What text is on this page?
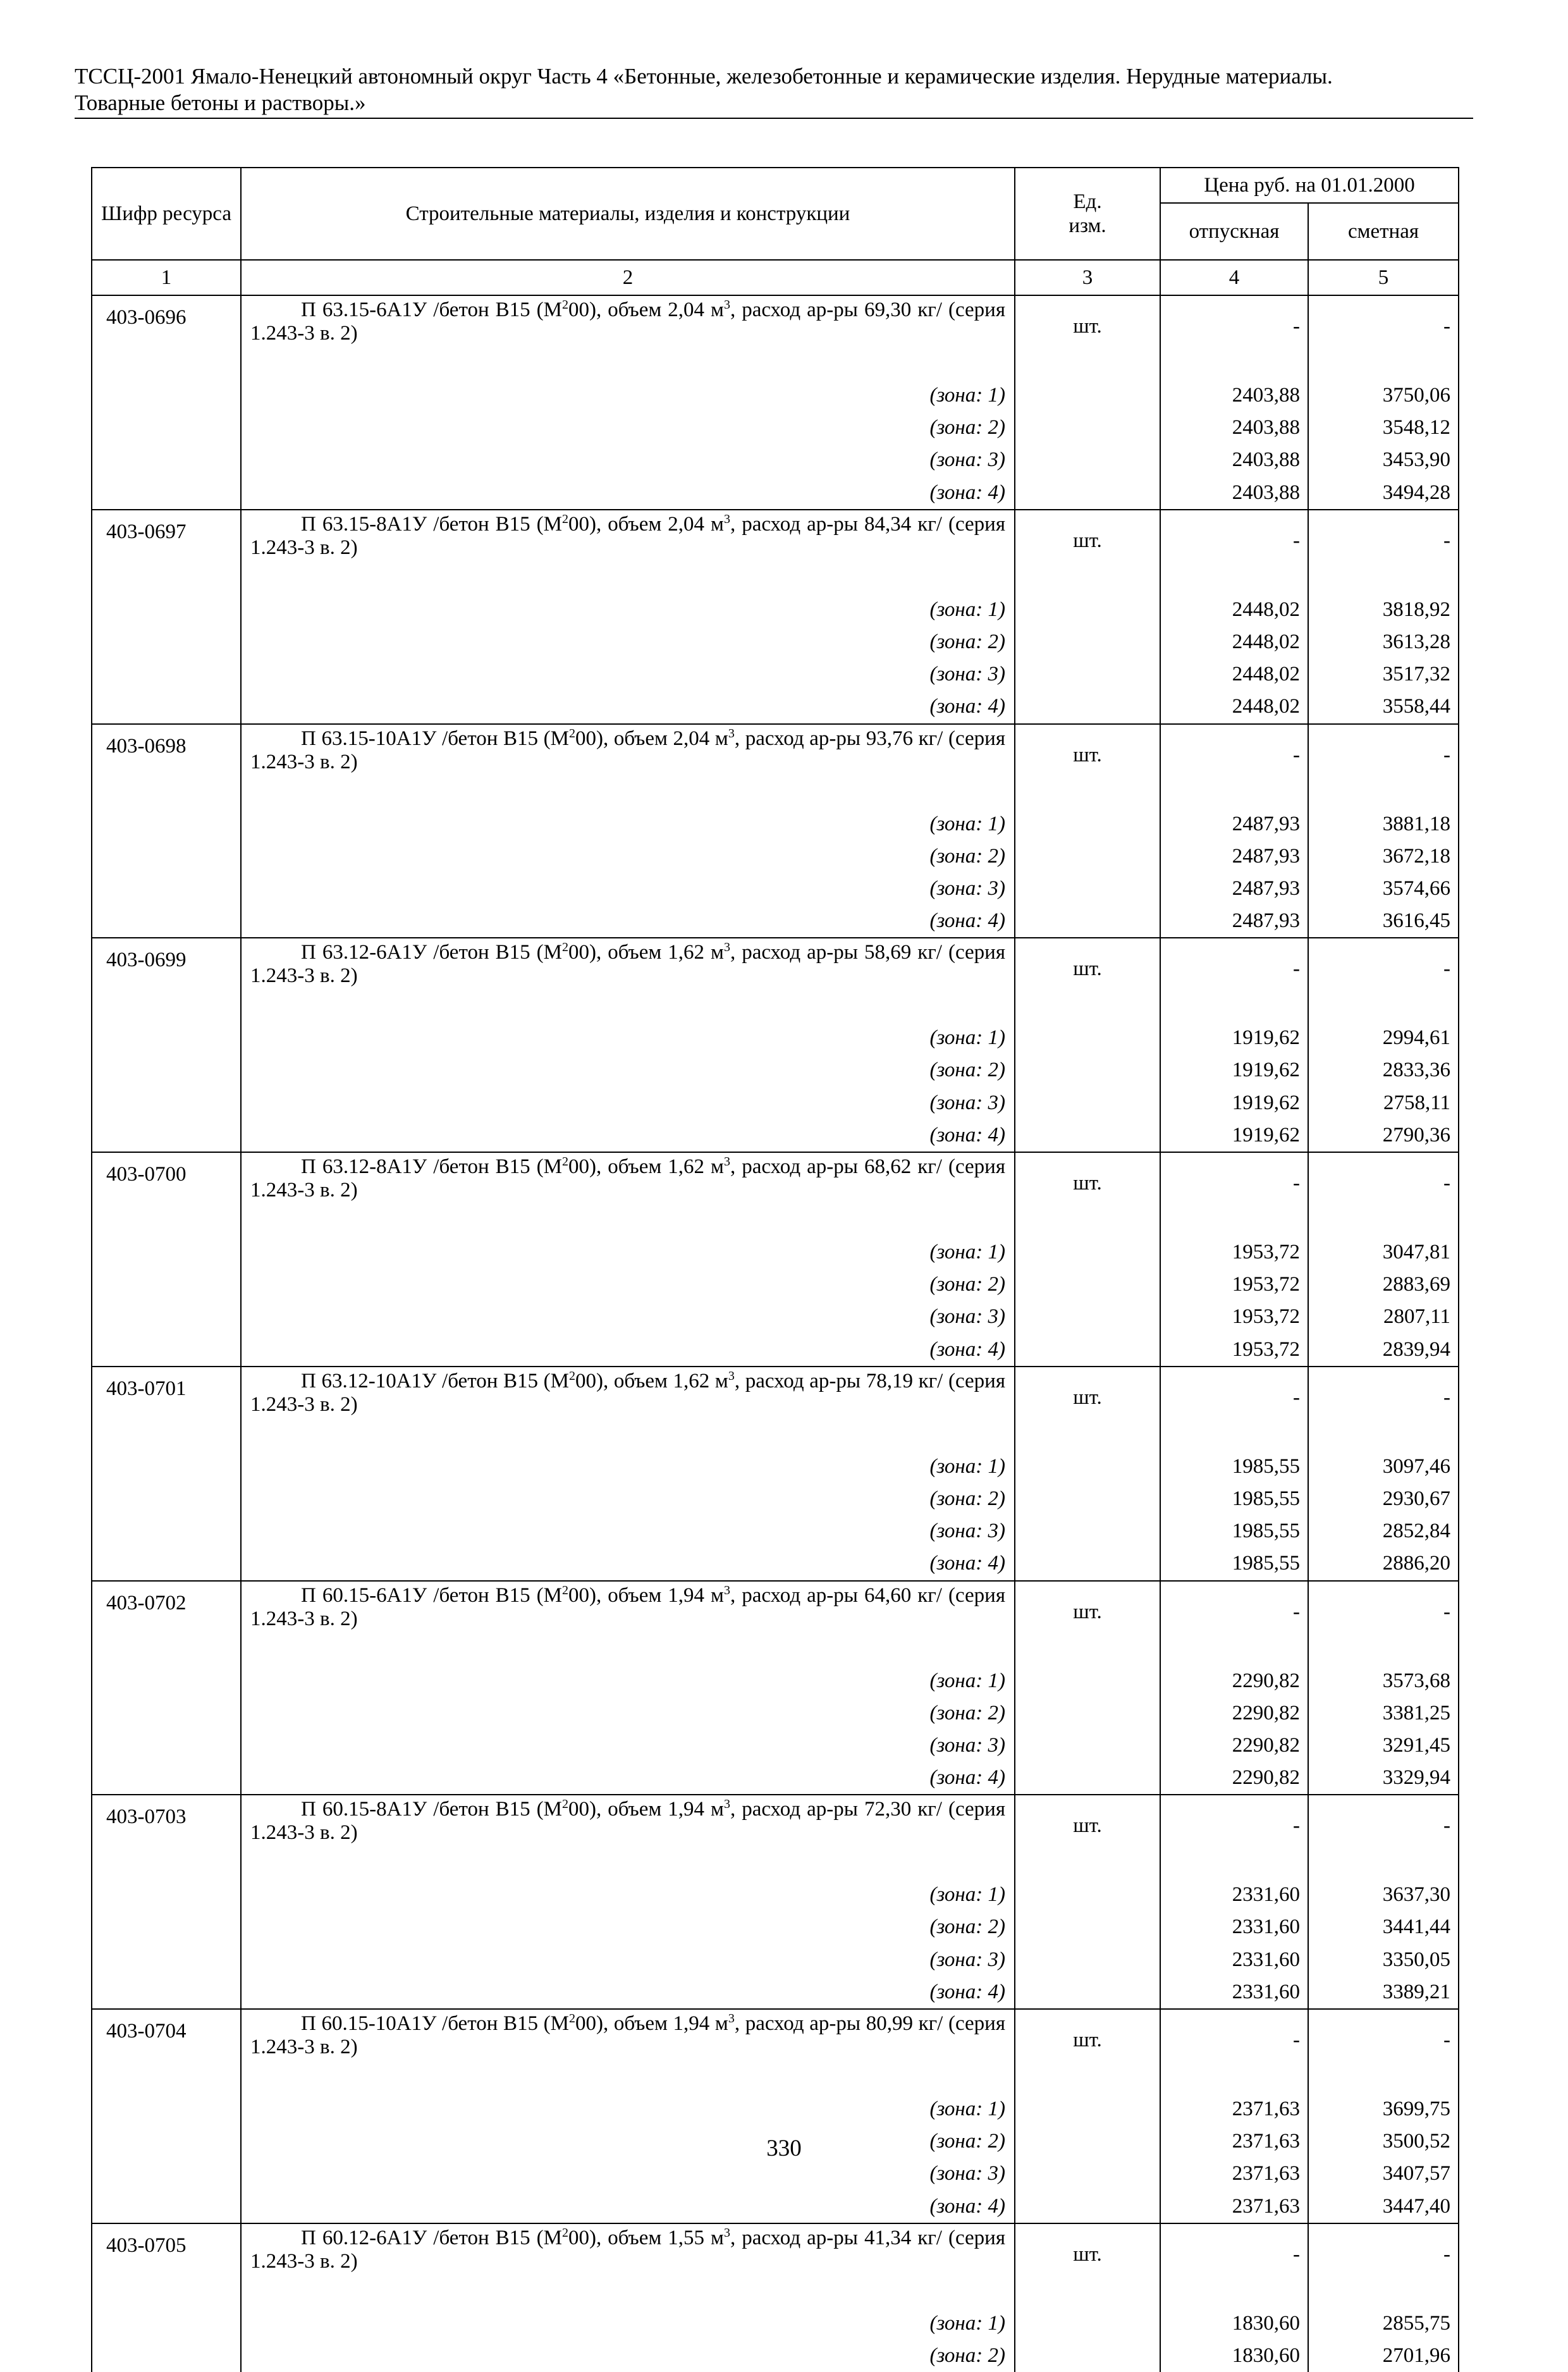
ТССЦ-2001 Ямало-Ненецкий автономный округ Часть 4 «Бетонные, железобетонные и керамические изделия. Нерудные материалы.
Товарные бетоны и растворы.»
Шифр ресурса	Строительные материалы, изделия и конструкции	Ед. изм.	Цена руб. на 01.01.2000	
			отпускная	сметная
1	2	3	4	5
403-0696	П 63.15-6А1У /бетон В15 $(М^200)$, объем 2,04 $м^3$, расход ар-ры 69,30 кг/ (серия 1.243-3 в. 2)	шт.	-	-
	(зона: 1)		2403,88	3750,06
	(зона: 2)		2403,88	3548,12
	(зона: 3)		2403,88	3453,90
	(зона: 4)		2403,88	3494,28
403-0697	П 63.15-8А1У /бетон В15 $(М^200)$, объем 2,04 $м^3$, расход ар-ры 84,34 кг/ (серия 1.243-3 в. 2)	шт.	-	-
	(зона: 1)		2448,02	3818,92
	(зона: 2)		2448,02	3613,28
	(зона: 3)		2448,02	3517,32
	(зона: 4)		2448,02	3558,44
403-0698	П 63.15-10А1У /бетон В15 $(М^200)$, объем 2,04 $м^3$, расход ар-ры 93,76 кг/ (серия 1.243-3 в. 2)	шт.	-	-
	(зона: 1)		2487,93	3881,18
	(зона: 2)		2487,93	3672,18
	(зона: 3)		2487,93	3574,66
	(зона: 4)		2487,93	3616,45
403-0699	П 63.12-6А1У /бетон В15 $(М^200)$, объем 1,62 $м^3$, расход ар-ры 58,69 кг/ (серия 1.243-3 в. 2)	шт.	-	-
	(зона: 1)		1919,62	2994,61
	(зона: 2)		1919,62	2833,36
	(зона: 3)		1919,62	2758,11
	(зона: 4)		1919,62	2790,36
403-0700	П 63.12-8А1У /бетон В15 $(М^200)$, объем 1,62 $м^3$, расход ар-ры 68,62 кг/ (серия 1.243-3 в. 2)	шт.	-	-
	(зона: 1)		1953,72	3047,81
	(зона: 2)		1953,72	2883,69
	(зона: 3)		1953,72	2807,11
	(зона: 4)		1953,72	2839,94
403-0701	П 63.12-10А1У /бетон В15 $(М^200)$, объем 1,62 $м^3$, расход ар-ры 78,19 кг/ (серия 1.243-3 в. 2)	шт.	-	-
	(зона: 1)		1985,55	3097,46
	(зона: 2)		1985,55	2930,67
	(зона: 3)		1985,55	2852,84
	(зона: 4)		1985,55	2886,20
403-0702	П 60.15-6А1У /бетон В15 $(М^200)$, объем 1,94 $м^3$, расход ар-ры 64,60 кг/ (серия 1.243-3 в. 2)	шт.	-	-
	(зона: 1)		2290,82	3573,68
	(зона: 2)		2290,82	3381,25
	(зона: 3)		2290,82	3291,45
	(зона: 4)		2290,82	3329,94
403-0703	П 60.15-8А1У /бетон В15 $(М^200)$, объем 1,94 $м^3$, расход ар-ры 72,30 кг/ (серия 1.243-3 в. 2)	шт.	-	-
	(зона: 1)		2331,60	3637,30
	(зона: 2)		2331,60	3441,44
	(зона: 3)		2331,60	3350,05
	(зона: 4)		2331,60	3389,21
403-0704	П 60.15-10А1У /бетон В15 $(М^200)$, объем 1,94 $м^3$, расход ар-ры 80,99 кг/ (серия 1.243-3 в. 2)	шт.	-	-
	(зона: 1)		2371,63	3699,75
	(зона: 2)		2371,63	3500,52
	(зона: 3)		2371,63	3407,57
	(зона: 4)		2371,63	3447,40
403-0705	П 60.12-6А1У /бетон В15 $(М^200)$, объем 1,55 $м^3$, расход ар-ры 41,34 кг/ (серия 1.243-3 в. 2)	шт.	-	-
	(зона: 1)		1830,60	2855,75
	(зона: 2)		1830,60	2701,96
330
